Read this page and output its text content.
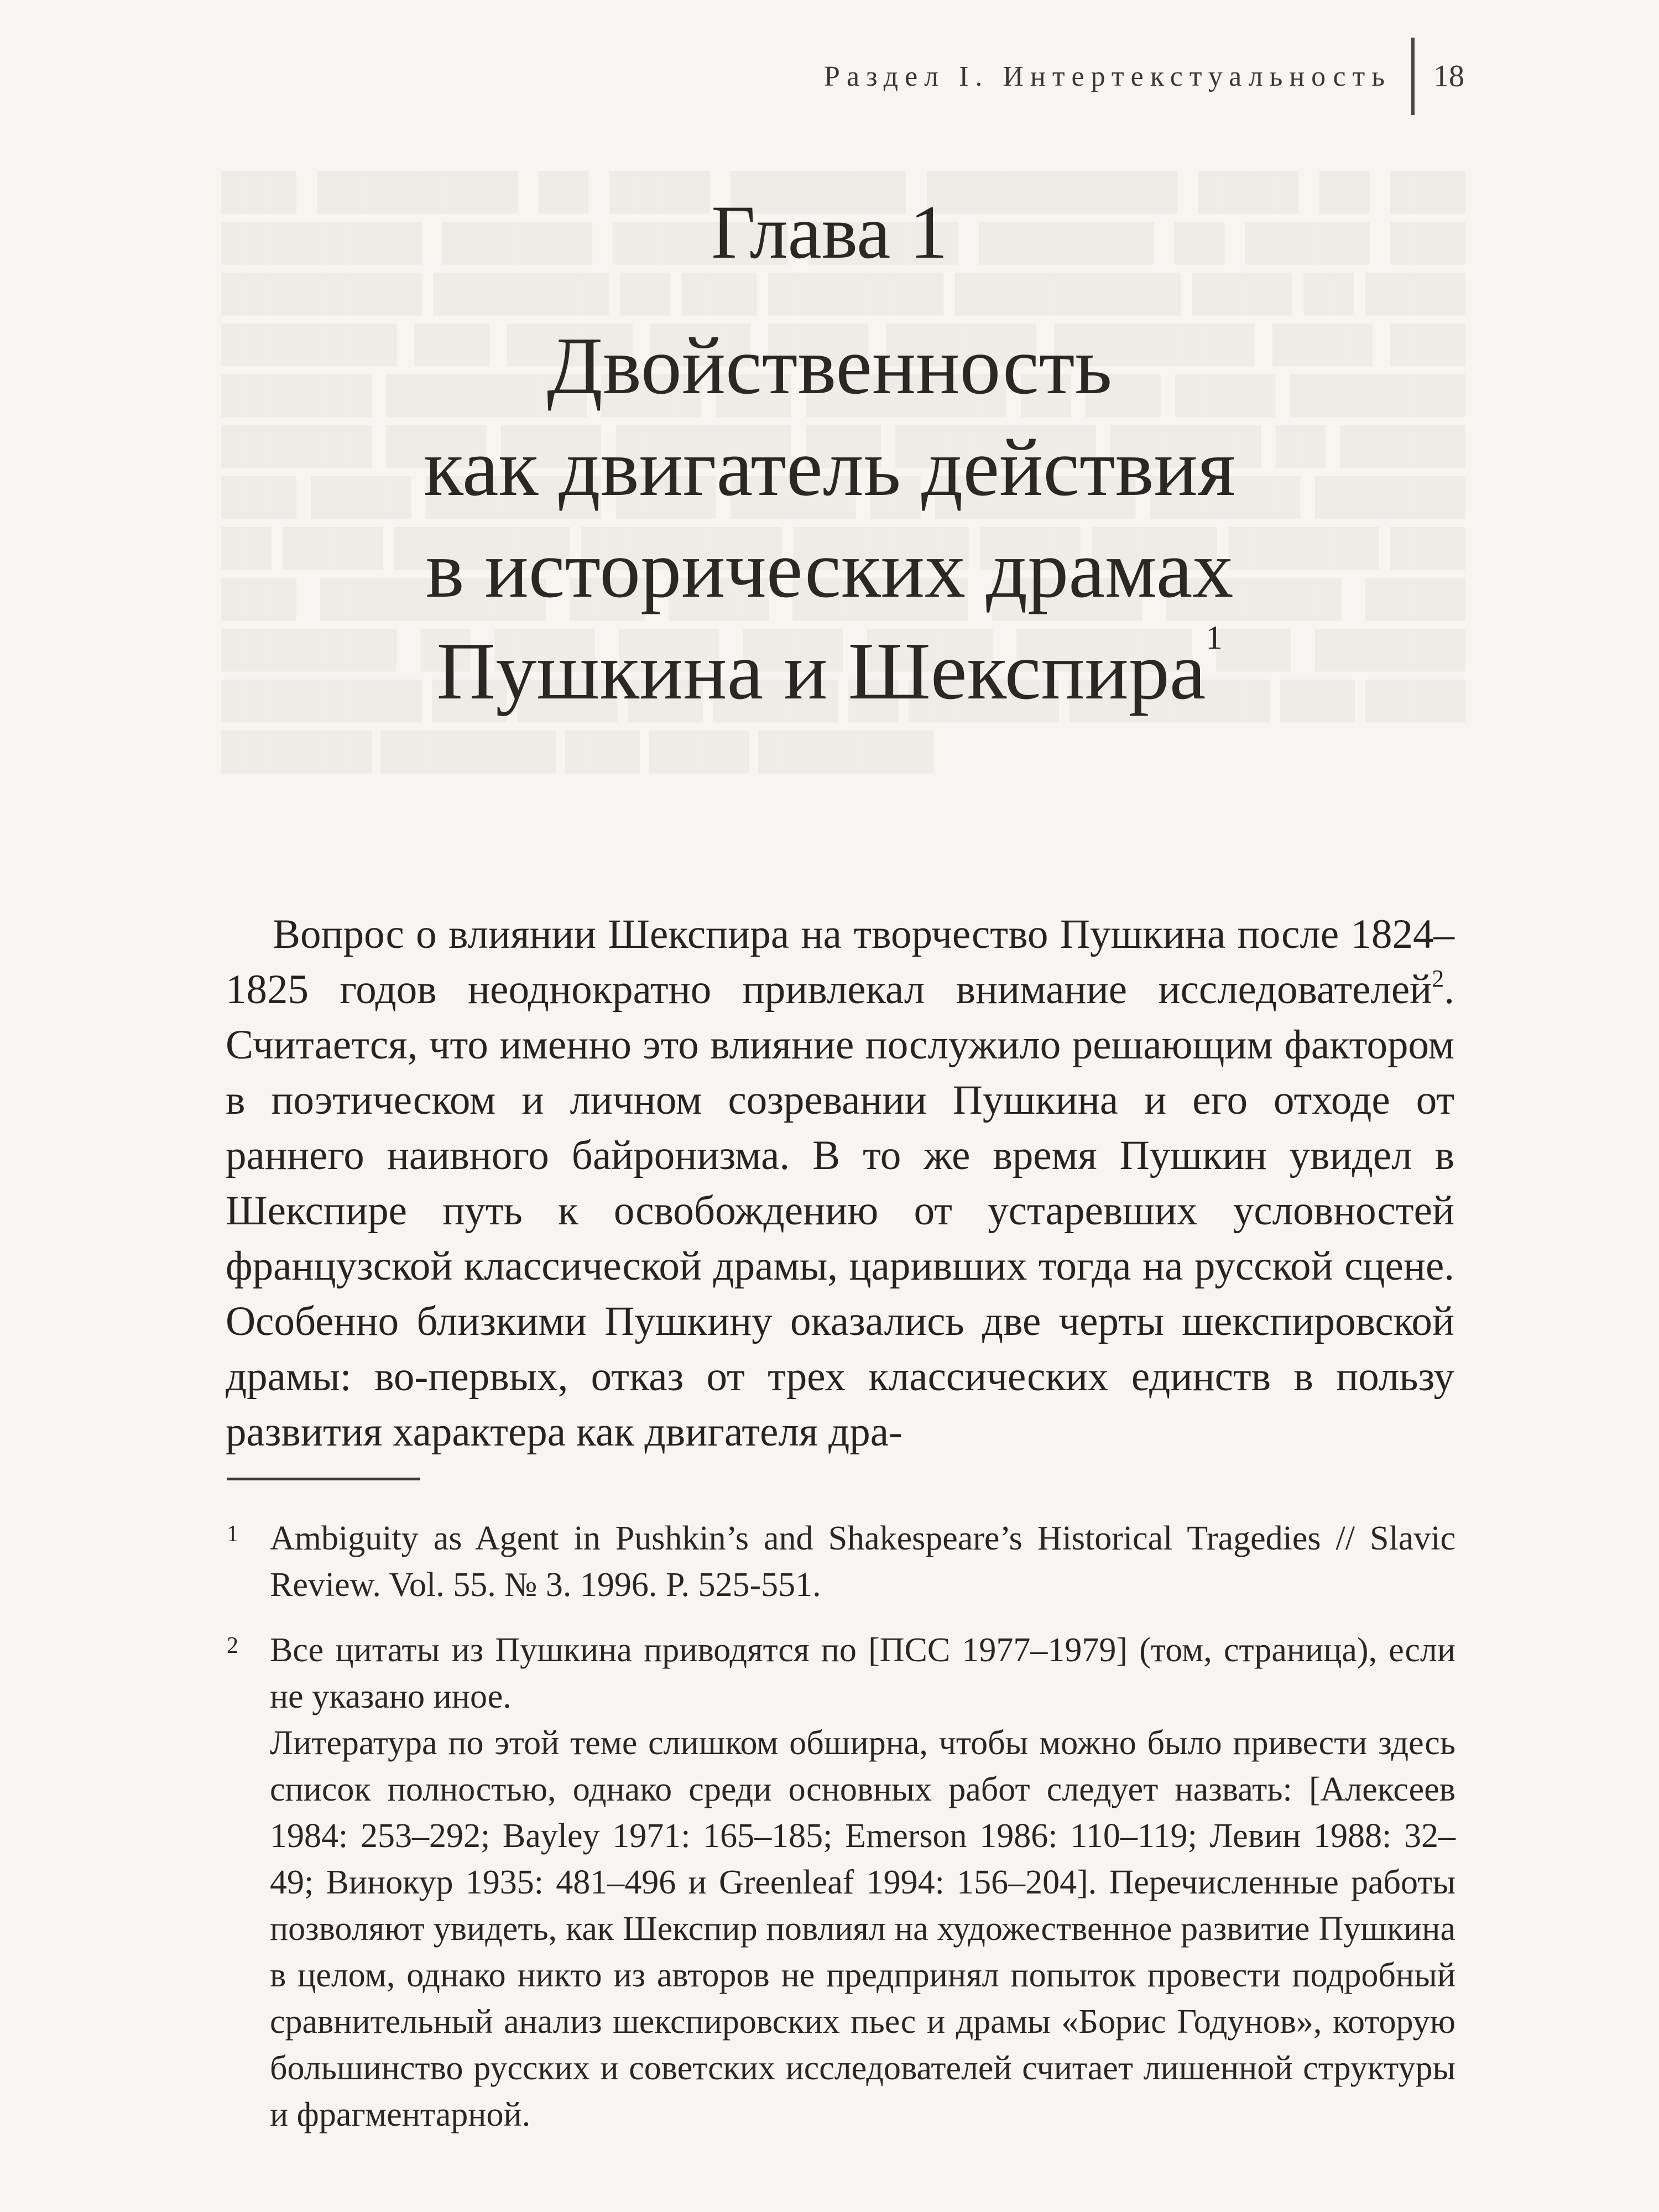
Раздел I. Интертекстуальность 18
Глава 1
Двойственность
как двигатель действия
в исторических драмах
Пушкина и Шекспира$^1$
Вопрос о влиянии Шекспира на творчество Пушкина после 1824–1825 годов неоднократно привлекал внимание исследователей$^2$. Считается, что именно это влияние послужило решающим фактором в поэтическом и личном созревании Пушкина и его отходе от раннего наивного байронизма. В то же время Пушкин увидел в Шекспире путь к освобождению от устаревших условностей французской классической драмы, царивших тогда на русской сцене. Особенно близкими Пушкину оказались две черты шекспировской драмы: во-первых, отказ от трех классических единств в пользу развития характера как двигателя дра-
1 Ambiguity as Agent in Pushkin’s and Shakespeare’s Historical Tragedies // Slavic Review. Vol. 55. № 3. 1996. P. 525-551.

2 Все цитаты из Пушкина приводятся по [ПСС 1977–1979] (том, страница), если не указано иное.

Литература по этой теме слишком обширна, чтобы можно было привести здесь список полностью, однако среди основных работ следует назвать: [Алексеев 1984: 253–292; Bayley 1971: 165–185; Emerson 1986: 110–119; Левин 1988: 32–49; Винокур 1935: 481–496 и Greenleaf 1994: 156–204]. Перечисленные работы позволяют увидеть, как Шекспир повлиял на художественное развитие Пушкина в целом, однако никто из авторов не предпринял попыток провести подробный сравнительный анализ шекспировских пьес и драмы «Борис Годунов», которую большинство русских и советских исследователей считает лишенной структуры и фрагментарной.
